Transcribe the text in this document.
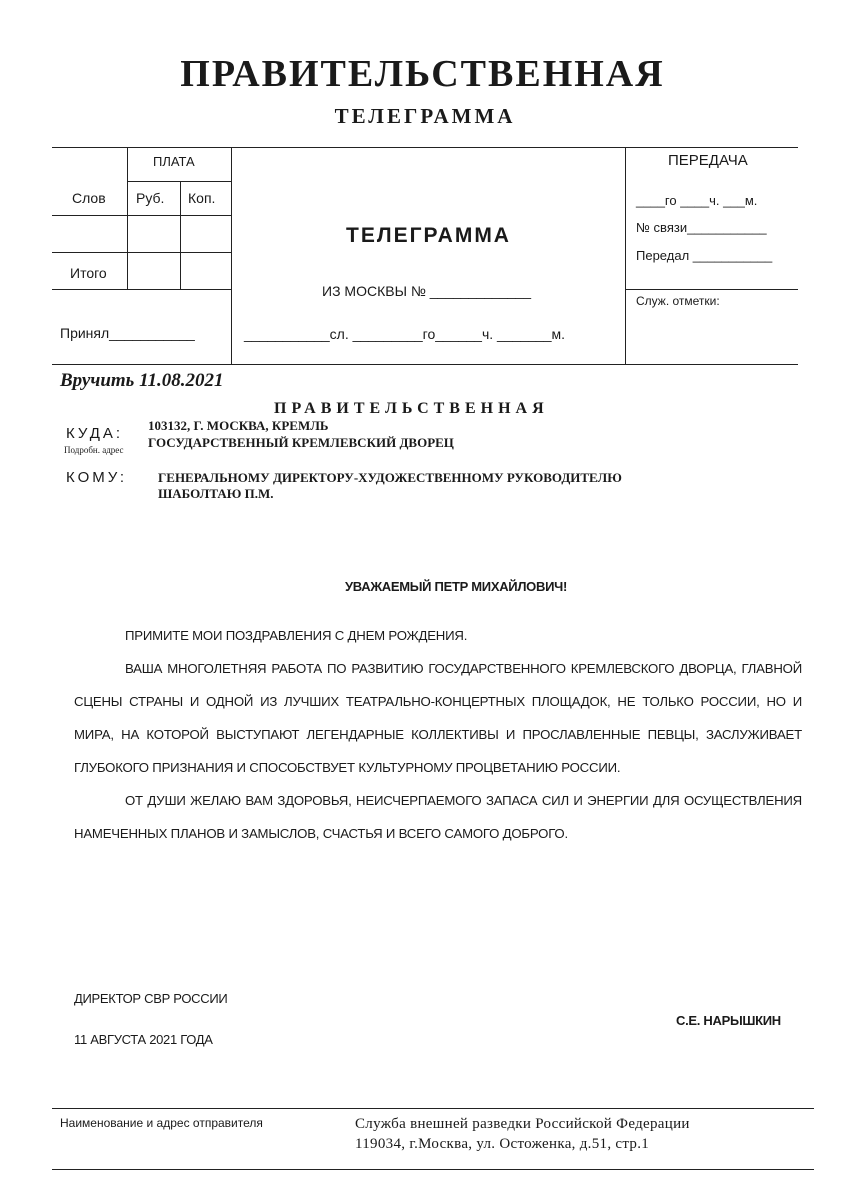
ПРАВИТЕЛЬСТВЕННАЯ
ТЕЛЕГРАММА
ПЛАТА
Слов Руб. Коп.
Итого
Принял___________
ТЕЛЕГРАММА
ИЗ МОСКВЫ № _____________
___________сл. _________го______ч. _______м.
ПЕРЕДАЧА
____го ____ч. ___м.
№ связи___________
Передал ___________
Служ. отметки:
Вручить 11.08.2021
ПРАВИТЕЛЬСТВЕННАЯ
КУДА:
Подробн. адрес
103132, Г. МОСКВА, КРЕМЛЬ
ГОСУДАРСТВЕННЫЙ КРЕМЛЕВСКИЙ ДВОРЕЦ
КОМУ: ГЕНЕРАЛЬНОМУ ДИРЕКТОРУ-ХУДОЖЕСТВЕННОМУ РУКОВОДИТЕЛЮ
ШАБОЛТАЮ П.М.
УВАЖАЕМЫЙ ПЕТР МИХАЙЛОВИЧ!

ПРИМИТЕ МОИ ПОЗДРАВЛЕНИЯ С ДНЕМ РОЖДЕНИЯ.

ВАША МНОГОЛЕТНЯЯ РАБОТА ПО РАЗВИТИЮ ГОСУДАРСТВЕННОГО КРЕМЛЕВСКОГО ДВОРЦА, ГЛАВНОЙ СЦЕНЫ СТРАНЫ И ОДНОЙ ИЗ ЛУЧШИХ ТЕАТРАЛЬНО-КОНЦЕРТНЫХ ПЛОЩАДОК, НЕ ТОЛЬКО РОССИИ, НО И МИРА, НА КОТОРОЙ ВЫСТУПАЮТ ЛЕГЕНДАРНЫЕ КОЛЛЕКТИВЫ И ПРОСЛАВЛЕННЫЕ ПЕВЦЫ, ЗАСЛУЖИВАЕТ ГЛУБОКОГО ПРИЗНАНИЯ И СПОСОБСТВУЕТ КУЛЬТУРНОМУ ПРОЦВЕТАНИЮ РОССИИ.

ОТ ДУШИ ЖЕЛАЮ ВАМ ЗДОРОВЬЯ, НЕИСЧЕРПАЕМОГО ЗАПАСА СИЛ И ЭНЕРГИИ ДЛЯ ОСУЩЕСТВЛЕНИЯ НАМЕЧЕННЫХ ПЛАНОВ И ЗАМЫСЛОВ, СЧАСТЬЯ И ВСЕГО САМОГО ДОБРОГО.

ДИРЕКТОР СВР РОССИИ
С.Е. НАРЫШКИН
11 АВГУСТА 2021 ГОДА
Наименование и адрес отправителя	Служба внешней разведки Российской Федерации
119034, г.Москва, ул. Остоженка, д.51, стр.1
